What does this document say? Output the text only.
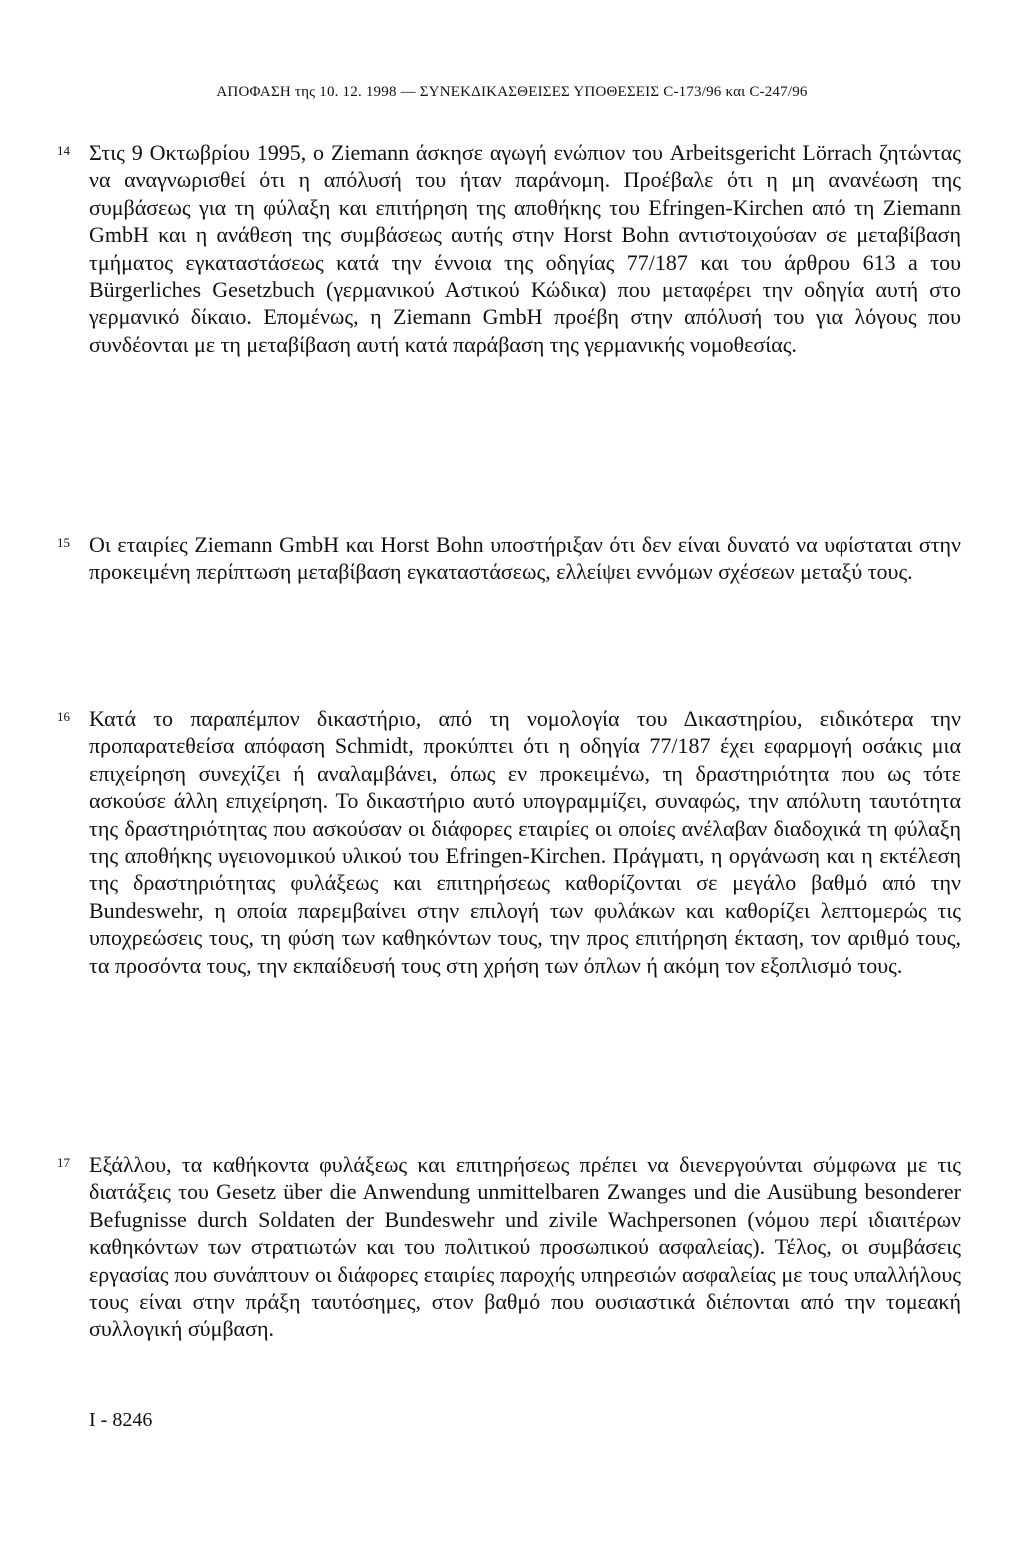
ΑΠΟΦΑΣΗ της 10. 12. 1998 — ΣΥΝΕΚΔΙΚΑΣΘΕΙΣΕΣ ΥΠΟΘΕΣΕΙΣ C-173/96 και C-247/96
14 Στις 9 Οκτωβρίου 1995, ο Ziemann άσκησε αγωγή ενώπιον του Arbeitsgericht Lörrach ζητώντας να αναγνωρισθεί ότι η απόλυσή του ήταν παράνομη. Προέβαλε ότι η μη ανανέωση της συμβάσεως για τη φύλαξη και επιτήρηση της αποθήκης του Efringen-Kirchen από τη Ziemann GmbH και η ανάθεση της συμβάσεως αυτής στην Horst Bohn αντιστοιχούσαν σε μεταβίβαση τμήματος εγκαταστάσεως κατά την έννοια της οδηγίας 77/187 και του άρθρου 613 a του Bürgerliches Gesetzbuch (γερμανικού Αστικού Κώδικα) που μεταφέρει την οδηγία αυτή στο γερμανικό δίκαιο. Επομένως, η Ziemann GmbH προέβη στην απόλυσή του για λόγους που συνδέονται με τη μεταβίβαση αυτή κατά παράβαση της γερμανικής νομοθεσίας.

15 Οι εταιρίες Ziemann GmbH και Horst Bohn υποστήριξαν ότι δεν είναι δυνατό να υφίσταται στην προκειμένη περίπτωση μεταβίβαση εγκαταστάσεως, ελλείψει εννόμων σχέσεων μεταξύ τους.

16 Κατά το παραπέμπον δικαστήριο, από τη νομολογία του Δικαστηρίου, ειδικότερα την προπαρατεθείσα απόφαση Schmidt, προκύπτει ότι η οδηγία 77/187 έχει εφαρμογή οσάκις μια επιχείρηση συνεχίζει ή αναλαμβάνει, όπως εν προκειμένω, τη δραστηριότητα που ως τότε ασκούσε άλλη επιχείρηση. Το δικαστήριο αυτό υπογραμμίζει, συναφώς, την απόλυτη ταυτότητα της δραστηριότητας που ασκούσαν οι διάφορες εταιρίες οι οποίες ανέλαβαν διαδοχικά τη φύλαξη της αποθήκης υγειονομικού υλικού του Efringen-Kirchen. Πράγματι, η οργάνωση και η εκτέλεση της δραστηριότητας φυλάξεως και επιτηρήσεως καθορίζονται σε μεγάλο βαθμό από την Bundeswehr, η οποία παρεμβαίνει στην επιλογή των φυλάκων και καθορίζει λεπτομερώς τις υποχρεώσεις τους, τη φύση των καθηκόντων τους, την προς επιτήρηση έκταση, τον αριθμό τους, τα προσόντα τους, την εκπαίδευσή τους στη χρήση των όπλων ή ακόμη τον εξοπλισμό τους.

17 Εξάλλου, τα καθήκοντα φυλάξεως και επιτηρήσεως πρέπει να διενεργούνται σύμφωνα με τις διατάξεις του Gesetz über die Anwendung unmittelbaren Zwanges und die Ausübung besonderer Befugnisse durch Soldaten der Bundeswehr und zivile Wachpersonen (νόμου περί ιδιαιτέρων καθηκόντων των στρατιωτών και του πολιτικού προσωπικού ασφαλείας). Τέλος, οι συμβάσεις εργασίας που συνάπτουν οι διάφορες εταιρίες παροχής υπηρεσιών ασφαλείας με τους υπαλλήλους τους είναι στην πράξη ταυτόσημες, στον βαθμό που ουσιαστικά διέπονται από την τομεακή συλλογική σύμβαση.

I - 8246
